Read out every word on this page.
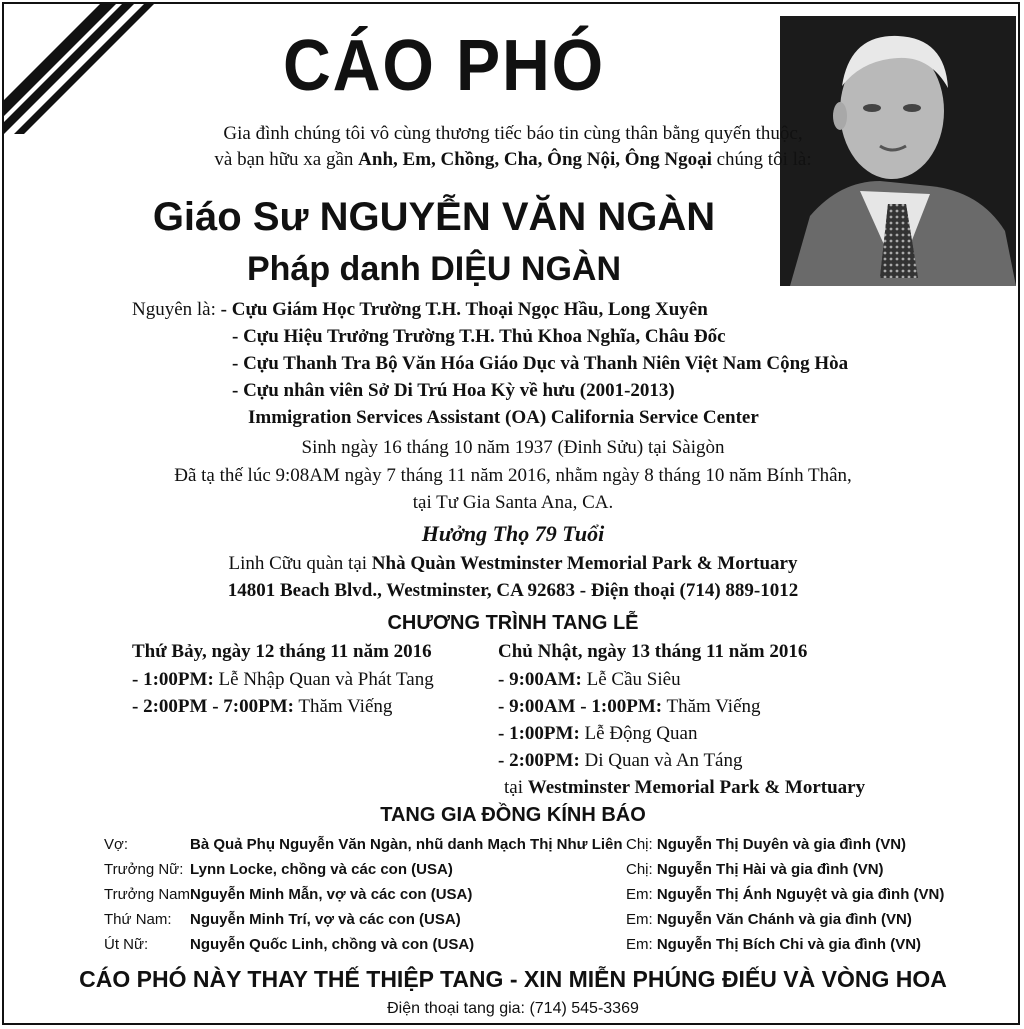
CÁO PHÓ
Gia đình chúng tôi vô cùng thương tiếc báo tin cùng thân bằng quyến thuộc,
và bạn hữu xa gần Anh, Em, Chồng, Cha, Ông Nội, Ông Ngoại chúng tôi là:
Giáo Sư NGUYỄN VĂN NGÀN
Pháp danh DIỆU NGÀN
Nguyên là: - Cựu Giám Học Trường T.H. Thoại Ngọc Hầu, Long Xuyên
- Cựu Hiệu Trưởng Trường T.H. Thủ Khoa Nghĩa, Châu Đốc
- Cựu Thanh Tra Bộ Văn Hóa Giáo Dục và Thanh Niên Việt Nam Cộng Hòa
- Cựu nhân viên Sở Di Trú Hoa Kỳ về hưu (2001-2013)
Immigration Services Assistant (OA) California Service Center
Sinh ngày 16 tháng 10 năm 1937 (Đinh Sửu) tại Sàigòn
Đã tạ thế lúc 9:08AM ngày 7 tháng 11 năm 2016, nhằm ngày 8 tháng 10 năm Bính Thân,
tại Tư Gia Santa Ana, CA.
Hưởng Thọ 79 Tuổi
Linh Cữu quàn tại Nhà Quàn Westminster Memorial Park & Mortuary
14801 Beach Blvd., Westminster, CA 92683 - Điện thoại (714) 889-1012
CHƯƠNG TRÌNH TANG LỄ
Thứ Bảy, ngày 12 tháng 11 năm 2016
- 1:00PM: Lễ Nhập Quan và Phát Tang
- 2:00PM - 7:00PM: Thăm Viếng
Chủ Nhật, ngày 13 tháng 11 năm 2016
- 9:00AM: Lễ Cầu Siêu
- 9:00AM - 1:00PM: Thăm Viếng
- 1:00PM: Lễ Động Quan
- 2:00PM: Di Quan và An Táng
tại Westminster Memorial Park & Mortuary
TANG GIA ĐỒNG KÍNH BÁO
Vợ:	Bà Quả Phụ Nguyễn Văn Ngàn, nhũ danh Mạch Thị Như Liên
Trưởng Nữ: Lynn Locke, chồng và các con (USA)
Trưởng Nam:Nguyễn Minh Mẫn, vợ và các con (USA)
Thứ Nam: Nguyễn Minh Trí, vợ và các con (USA)
Út Nữ:	Nguyễn Quốc Linh, chồng và con (USA)
Chị: Nguyễn Thị Duyên và gia đình (VN)
Chị: Nguyễn Thị Hài và gia đình (VN)
Em: Nguyễn Thị Ánh Nguyệt và gia đình (VN)
Em: Nguyễn Văn Chánh và gia đình (VN)
Em: Nguyễn Thị Bích Chi và gia đình (VN)
CÁO PHÓ NÀY THAY THẾ THIỆP TANG - XIN MIỄN PHÚNG ĐIẾU VÀ VÒNG HOA
Điện thoại tang gia: (714) 545-3369
